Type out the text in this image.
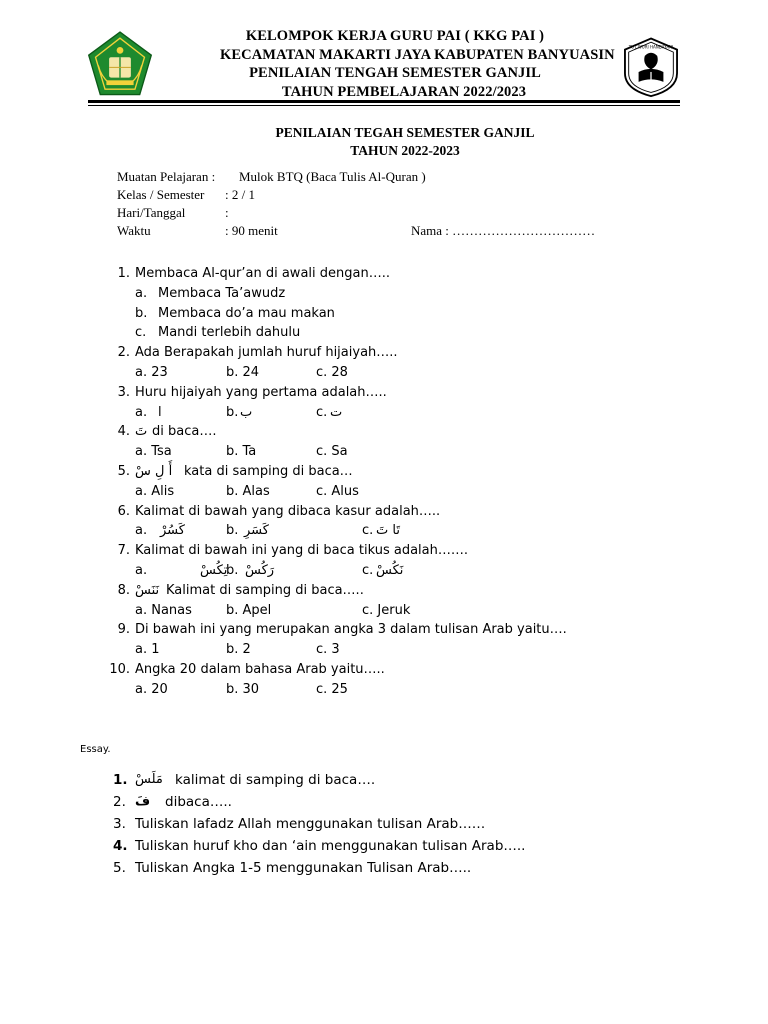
KELOMPOK KERJA GURU PAI ( KKG PAI )
KECAMATAN MAKARTI JAYA KABUPATEN BANYUASIN
PENILAIAN TENGAH SEMESTER GANJIL
TAHUN PEMBELAJARAN 2022/2023
TUT WURI HANDAYANI
PENILAIAN TEGAH SEMESTER GANJIL
TAHUN 2022-2023
Muatan Pelajaran : Mulok BTQ (Baca Tulis Al-Quran )
Kelas / Semester : 2 / 1
Hari/Tanggal	:
Waktu	: 90 menit	Nama : ……………………………
1. Membaca Al-qur’an di awali dengan…..
a. Membaca Ta’awudz
b. Membaca do’a mau makan
c. Mandi terlebih dahulu
2. Ada Berapakah jumlah huruf hijaiyah…..
a. 23	b. 24	c. 28
3. Huru hijaiyah yang pertama adalah…..
a. ا	b. ب	c. ت
4. تَ di baca….
a. Tsa	b. Ta	c. Sa
5. أَ لِ سْ kata di samping di baca…
a. Alis	b. Alas	c. Alus
6. Kalimat di bawah yang dibaca kasur adalah…..
a. كَسُرْ	b. كَسَرِ	c. تَا تَ
7. Kalimat di bawah ini yang di baca tikus adalah…….
a.	تِكُسْ
b. رَكُسْ	c. نَكُسْ
8. نَنَسْ Kalimat di samping di baca…..
a. Nanas	b. Apel	c. Jeruk
9. Di bawah ini yang merupakan angka 3 dalam tulisan Arab yaitu….
a. 1	b. 2	c. 3
10. Angka 20 dalam bahasa Arab yaitu…..
a. 20	b. 30	c. 25
Essay.
1. مَلَسْ kalimat di samping di baca….
2. فَ dibaca…..
3. Tuliskan lafadz Allah menggunakan tulisan Arab……
4. Tuliskan huruf kho dan ‘ain menggunakan tulisan Arab…..
5. Tuliskan Angka 1-5 menggunakan Tulisan Arab…..
